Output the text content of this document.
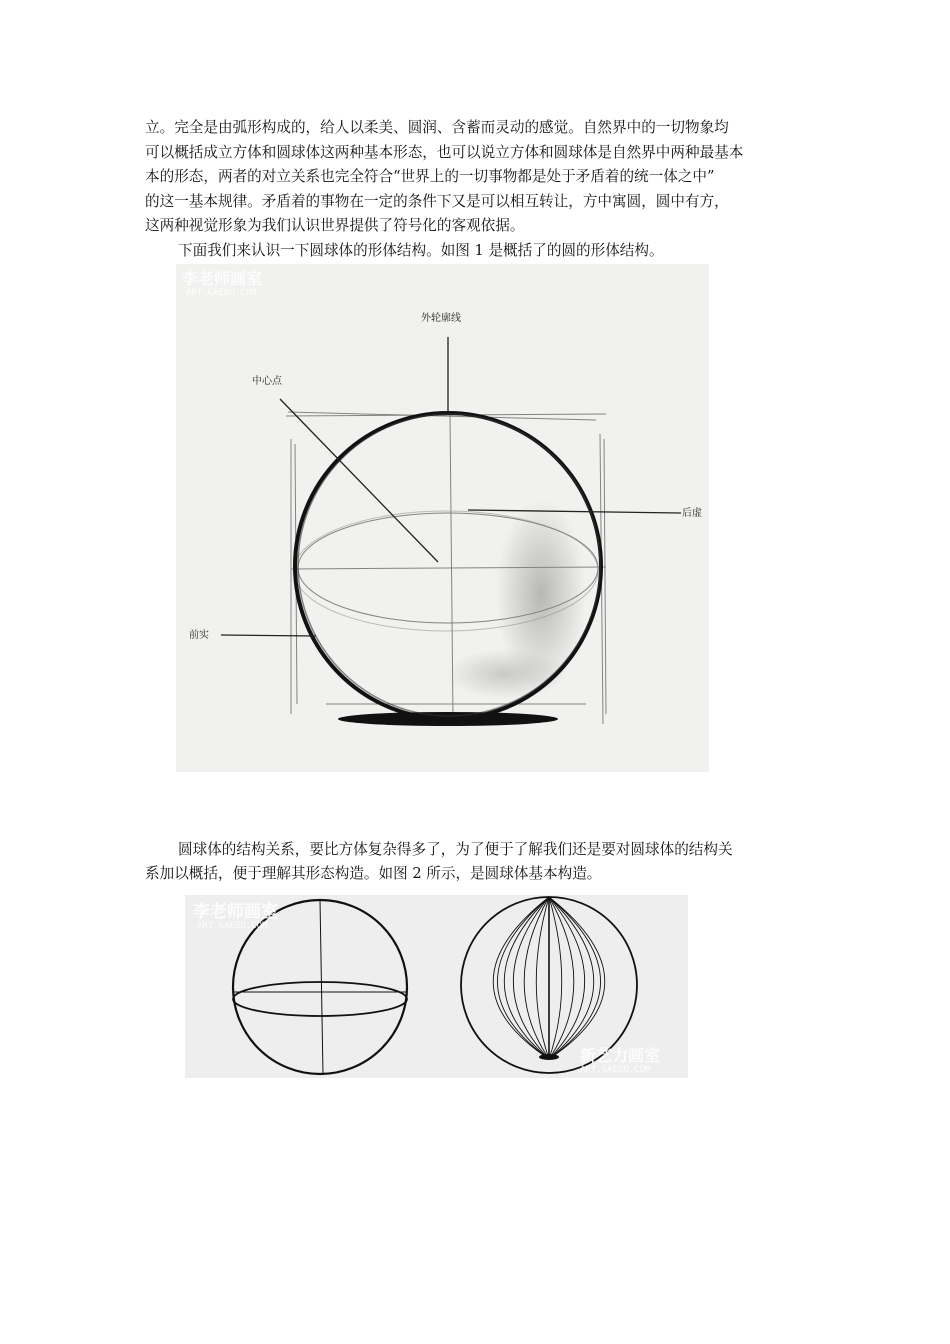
立。完全是由弧形构成的，给人以柔美、圆润、含蓄而灵动的感觉。自然界中的一切物象均
可以概括成立方体和圆球体这两种基本形态，也可以说立方体和圆球体是自然界中两种最基本
本的形态，两者的对立关系也完全符合“世界上的一切事物都是处于矛盾着的统一体之中”
的这一基本规律。矛盾着的事物在一定的条件下又是可以相互转让，方中寓圆，圆中有方，
这两种视觉形象为我们认识世界提供了符号化的客观依据。
下面我们来认识一下圆球体的形体结构。如图 1 是概括了的圆的形体结构。
外轮廓线
中心点
后虚
前实
李老师画室
ART.GAEDU.COM
圆球体的结构关系，要比方体复杂得多了，为了便于了解我们还是要对圆球体的结构关
系加以概括，便于理解其形态构造。如图 2 所示，是圆球体基本构造。
李老师画室
ART.GAEDU.COM
新艺力画室
ART.GAEDU.COM
